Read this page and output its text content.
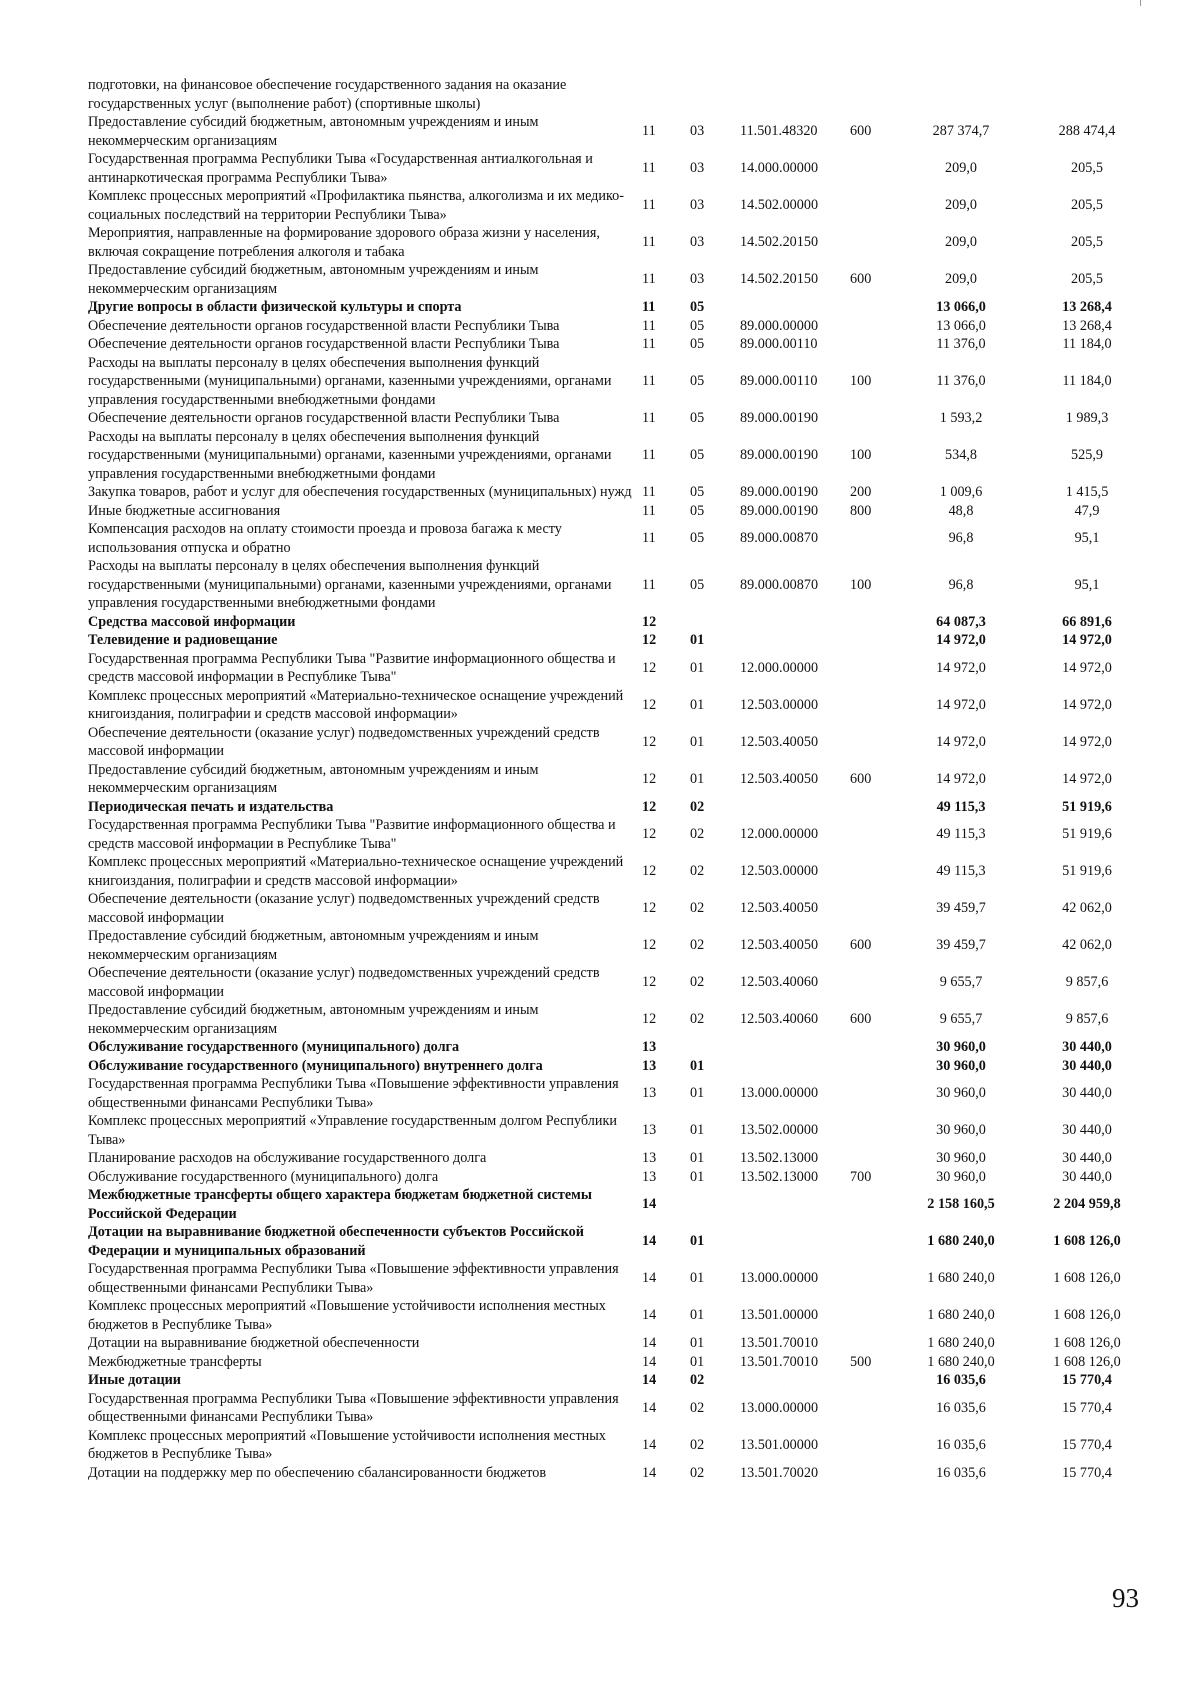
подготовки, на финансовое обеспечение государственного задания на оказание государственных услуг (выполнение работ) (спортивные школы)						
Предоставление субсидий бюджетным, автономным учреждениям и иным некоммерческим организациям	11	03	11.501.48320	600	287 374,7	288 474,4
Государственная программа Республики Тыва «Государственная антиалкогольная и антинаркотическая программа Республики Тыва»	11	03	14.000.00000		209,0	205,5
Комплекс процессных мероприятий «Профилактика пьянства, алкоголизма и их медико-социальных последствий на территории Республики Тыва»	11	03	14.502.00000		209,0	205,5
Мероприятия, направленные на формирование здорового образа жизни у населения, включая сокращение потребления алкоголя и табака	11	03	14.502.20150		209,0	205,5
Предоставление субсидий бюджетным, автономным учреждениям и иным некоммерческим организациям	11	03	14.502.20150	600	209,0	205,5
Другие вопросы в области физической культуры и спорта	11	05			13 066,0	13 268,4
Обеспечение деятельности органов государственной власти Республики Тыва	11	05	89.000.00000		13 066,0	13 268,4
Обеспечение деятельности органов государственной власти Республики Тыва	11	05	89.000.00110		11 376,0	11 184,0
Расходы на выплаты персоналу в целях обеспечения выполнения функций государственными (муниципальными) органами, казенными учреждениями, органами управления государственными внебюджетными фондами	11	05	89.000.00110	100	11 376,0	11 184,0
Обеспечение деятельности органов государственной власти Республики Тыва	11	05	89.000.00190		1 593,2	1 989,3
Расходы на выплаты персоналу в целях обеспечения выполнения функций государственными (муниципальными) органами, казенными учреждениями, органами управления государственными внебюджетными фондами	11	05	89.000.00190	100	534,8	525,9
Закупка товаров, работ и услуг для обеспечения государственных (муниципальных) нужд	11	05	89.000.00190	200	1 009,6	1 415,5
Иные бюджетные ассигнования	11	05	89.000.00190	800	48,8	47,9
Компенсация расходов на оплату стоимости проезда и провоза багажа к месту использования отпуска и обратно	11	05	89.000.00870		96,8	95,1
Расходы на выплаты персоналу в целях обеспечения выполнения функций государственными (муниципальными) органами, казенными учреждениями, органами управления государственными внебюджетными фондами	11	05	89.000.00870	100	96,8	95,1
Средства массовой информации	12				64 087,3	66 891,6
Телевидение и радиовещание	12	01			14 972,0	14 972,0
Государственная программа Республики Тыва "Развитие информационного общества и средств массовой информации в Республике Тыва"	12	01	12.000.00000		14 972,0	14 972,0
Комплекс процессных мероприятий «Материально-техническое оснащение учреждений книгоиздания, полиграфии и средств массовой информации»	12	01	12.503.00000		14 972,0	14 972,0
Обеспечение деятельности (оказание услуг) подведомственных учреждений средств массовой информации	12	01	12.503.40050		14 972,0	14 972,0
Предоставление субсидий бюджетным, автономным учреждениям и иным некоммерческим организациям	12	01	12.503.40050	600	14 972,0	14 972,0
Периодическая печать и издательства	12	02			49 115,3	51 919,6
Государственная программа Республики Тыва "Развитие информационного общества и средств массовой информации в Республике Тыва"	12	02	12.000.00000		49 115,3	51 919,6
Комплекс процессных мероприятий «Материально-техническое оснащение учреждений книгоиздания, полиграфии и средств массовой информации»	12	02	12.503.00000		49 115,3	51 919,6
Обеспечение деятельности (оказание услуг) подведомственных учреждений средств массовой информации	12	02	12.503.40050		39 459,7	42 062,0
Предоставление субсидий бюджетным, автономным учреждениям и иным некоммерческим организациям	12	02	12.503.40050	600	39 459,7	42 062,0
Обеспечение деятельности (оказание услуг) подведомственных учреждений средств массовой информации	12	02	12.503.40060		9 655,7	9 857,6
Предоставление субсидий бюджетным, автономным учреждениям и иным некоммерческим организациям	12	02	12.503.40060	600	9 655,7	9 857,6
Обслуживание государственного (муниципального) долга	13				30 960,0	30 440,0
Обслуживание государственного (муниципального) внутреннего долга	13	01			30 960,0	30 440,0
Государственная программа Республики Тыва «Повышение эффективности управления общественными финансами Республики Тыва»	13	01	13.000.00000		30 960,0	30 440,0
Комплекс процессных мероприятий «Управление государственным долгом Республики Тыва»	13	01	13.502.00000		30 960,0	30 440,0
Планирование расходов на обслуживание государственного долга	13	01	13.502.13000		30 960,0	30 440,0
Обслуживание государственного (муниципального) долга	13	01	13.502.13000	700	30 960,0	30 440,0
Межбюджетные трансферты общего характера бюджетам бюджетной системы Российской Федерации	14				2 158 160,5	2 204 959,8
Дотации на выравнивание бюджетной обеспеченности субъектов Российской Федерации и муниципальных образований	14	01			1 680 240,0	1 608 126,0
Государственная программа Республики Тыва «Повышение эффективности управления общественными финансами Республики Тыва»	14	01	13.000.00000		1 680 240,0	1 608 126,0
Комплекс процессных мероприятий «Повышение устойчивости исполнения местных бюджетов в Республике Тыва»	14	01	13.501.00000		1 680 240,0	1 608 126,0
Дотации на выравнивание бюджетной обеспеченности	14	01	13.501.70010		1 680 240,0	1 608 126,0
Межбюджетные трансферты	14	01	13.501.70010	500	1 680 240,0	1 608 126,0
Иные дотации	14	02			16 035,6	15 770,4
Государственная программа Республики Тыва «Повышение эффективности управления общественными финансами Республики Тыва»	14	02	13.000.00000		16 035,6	15 770,4
Комплекс процессных мероприятий «Повышение устойчивости исполнения местных бюджетов в Республике Тыва»	14	02	13.501.00000		16 035,6	15 770,4
Дотации на поддержку мер по обеспечению сбалансированности бюджетов	14	02	13.501.70020		16 035,6	15 770,4
93
